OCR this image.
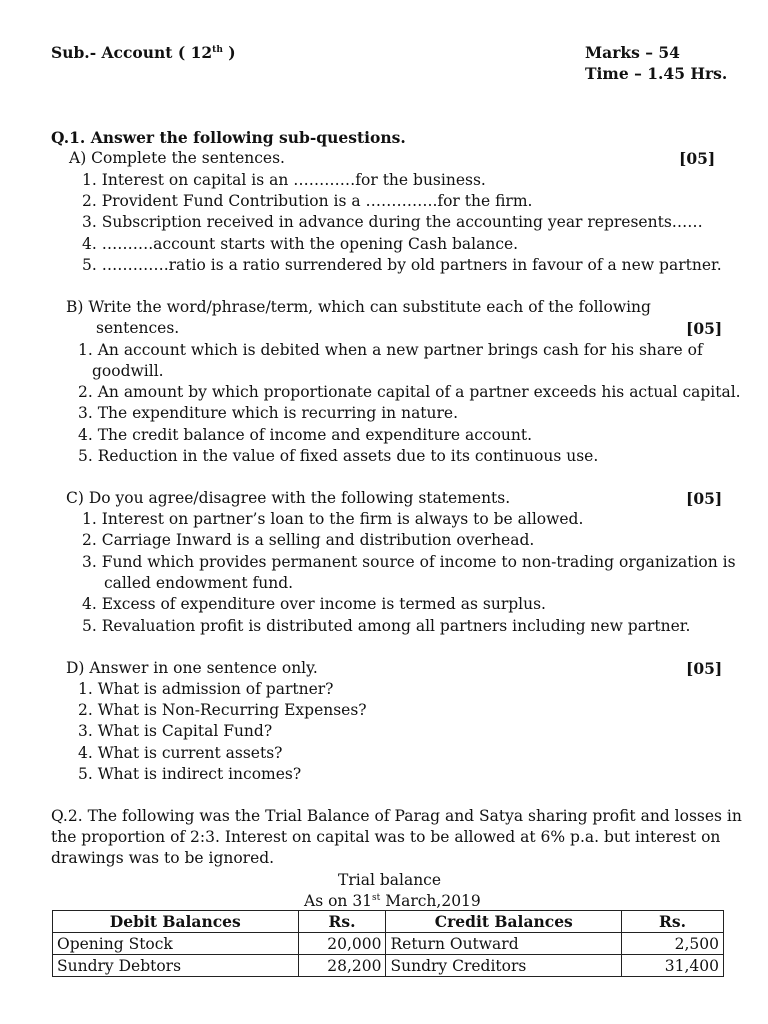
Sub.- Account ( 12th )	Marks – 54
Time – 1.45 Hrs.
Q.1. Answer the following sub-questions.
A) Complete the sentences.	[05]
1. Interest on capital is an …………for the business.
2. Provident Fund Contribution is a …………..for the firm.
3. Subscription received in advance during the accounting year represents……
4. ……….account starts with the opening Cash balance.
5. ………….ratio is a ratio surrendered by old partners in favour of a new partner.
B) Write the word/phrase/term, which can substitute each of the following
sentences.	[05]
1. An account which is debited when a new partner brings cash for his share of
goodwill.
2. An amount by which proportionate capital of a partner exceeds his actual capital.
3. The expenditure which is recurring in nature.
4. The credit balance of income and expenditure account.
5. Reduction in the value of fixed assets due to its continuous use.
C) Do you agree/disagree with the following statements.	[05]
1. Interest on partner’s loan to the firm is always to be allowed.
2. Carriage Inward is a selling and distribution overhead.
3. Fund which provides permanent source of income to non-trading organization is
called endowment fund.
4. Excess of expenditure over income is termed as surplus.
5. Revaluation profit is distributed among all partners including new partner.
D) Answer in one sentence only.	[05]
1. What is admission of partner?
2. What is Non-Recurring Expenses?
3. What is Capital Fund?
4. What is current assets?
5. What is indirect incomes?
Q.2. The following was the Trial Balance of Parag and Satya sharing profit and losses in
the proportion of 2:3. Interest on capital was to be allowed at 6% p.a. but interest on
drawings was to be ignored.
Trial balance
As on 31st March,2019
Debit Balances	Rs.	Credit Balances	Rs.
Opening Stock	20,000	Return Outward	2,500
Sundry Debtors	28,200	Sundry Creditors	31,400
